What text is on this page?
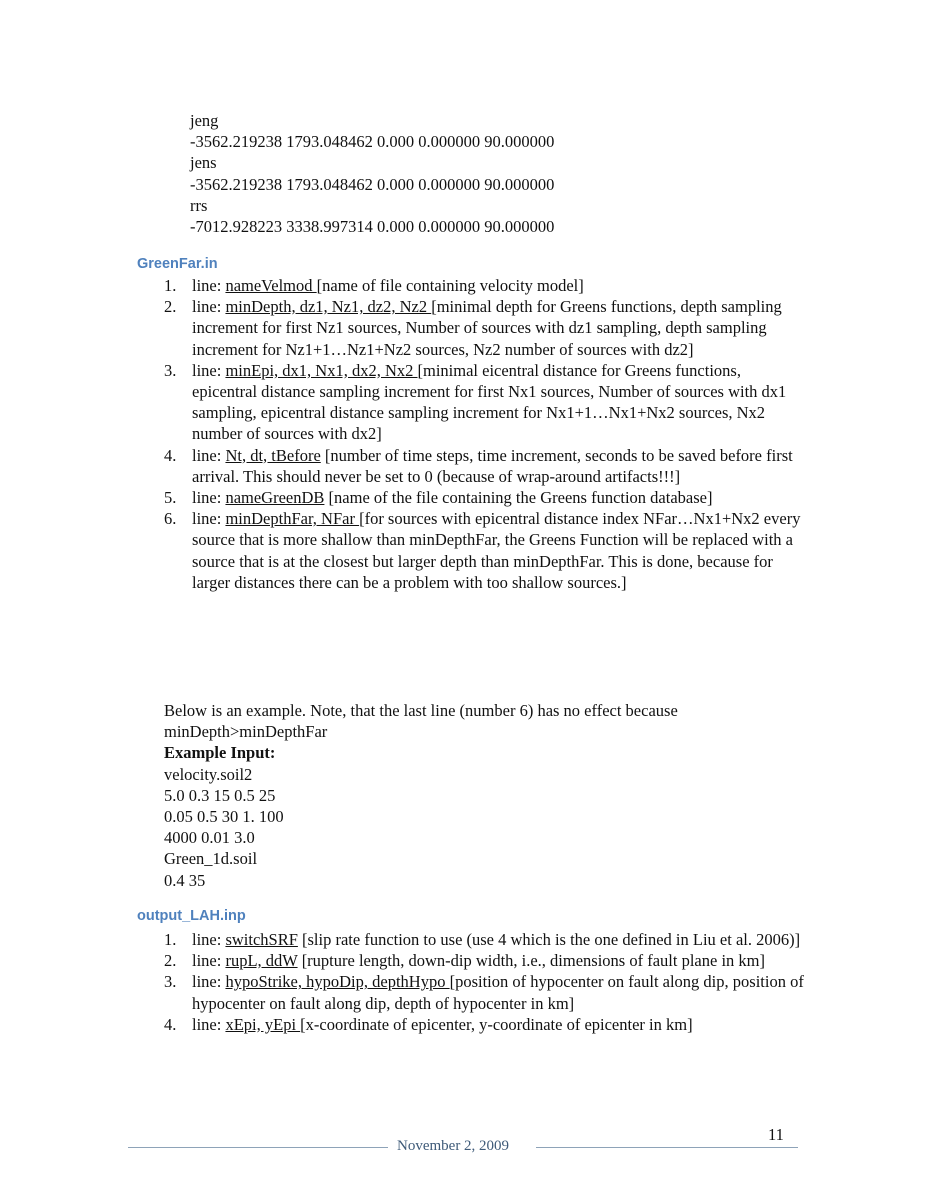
jeng
-3562.219238 1793.048462 0.000 0.000000 90.000000
jens
-3562.219238 1793.048462 0.000 0.000000 90.000000
rrs
-7012.928223 3338.997314 0.000 0.000000 90.000000
GreenFar.in
1. line: nameVelmod [name of file containing velocity model]
2. line: minDepth, dz1, Nz1, dz2, Nz2 [minimal depth for Greens functions, depth sampling increment for first Nz1 sources, Number of sources with dz1 sampling, depth sampling increment for Nz1+1…Nz1+Nz2 sources, Nz2 number of sources with dz2]
3. line: minEpi, dx1, Nx1, dx2, Nx2 [minimal eicentral distance for Greens functions, epicentral distance sampling increment for first Nx1 sources, Number of sources with dx1 sampling, epicentral distance sampling increment for Nx1+1…Nx1+Nx2 sources, Nx2 number of sources with dx2]
4. line: Nt, dt, tBefore [number of time steps, time increment, seconds to be saved before first arrival. This should never be set to 0 (because of wrap-around artifacts!!!]
5. line: nameGreenDB [name of the file containing the Greens function database]
6. line: minDepthFar, NFar [for sources with epicentral distance index NFar…Nx1+Nx2 every source that is more shallow than minDepthFar, the Greens Function will be replaced with a source that is at the closest but larger depth than minDepthFar. This is done, because for larger distances there can be a problem with too shallow sources.]
Below is an example. Note, that the last line (number 6) has no effect because
minDepth>minDepthFar
Example Input:
velocity.soil2
5.0 0.3 15 0.5 25
0.05 0.5 30 1. 100
4000 0.01 3.0
Green_1d.soil
0.4 35
output_LAH.inp
1. line: switchSRF [slip rate function to use (use 4 which is the one defined in Liu et al. 2006)]
2. line: rupL, ddW [rupture length, down-dip width, i.e., dimensions of fault plane in km]
3. line: hypoStrike, hypoDip, depthHypo [position of hypocenter on fault along dip, position of hypocenter on fault along dip, depth of hypocenter in km]
4. line: xEpi, yEpi [x-coordinate of epicenter, y-coordinate of epicenter in km]
November 2, 2009
11
